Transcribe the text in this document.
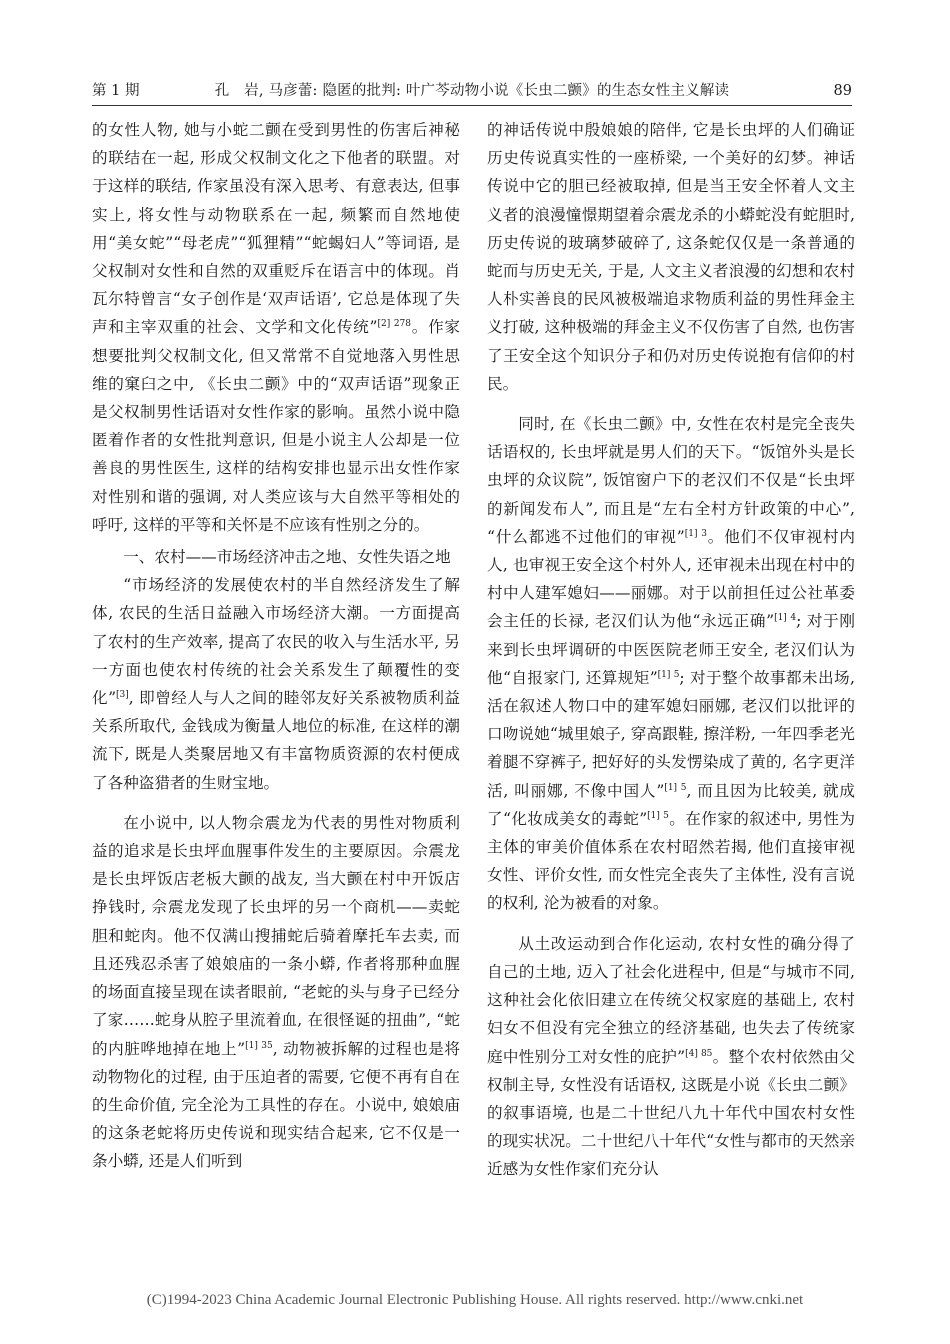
第 1 期	孔　岩, 马彦蕾: 隐匿的批判: 叶广芩动物小说《长虫二颤》的生态女性主义解读	89

的女性人物, 她与小蛇二颤在受到男性的伤害后神秘的联结在一起, 形成父权制文化之下他者的联盟。对于这样的联结, 作家虽没有深入思考、有意表达, 但事实上, 将女性与动物联系在一起, 频繁而自然地使用“美女蛇”“母老虎”“狐狸精”“蛇蝎妇人”等词语, 是父权制对女性和自然的双重贬斥在语言中的体现。肖瓦尔特曾言“女子创作是‘双声话语’, 它总是体现了失声和主宰双重的社会、文学和文化传统”$^{[2] 278}$。作家想要批判父权制文化, 但又常常不自觉地落入男性思维的窠臼之中, 《长虫二颤》中的“双声话语”现象正是父权制男性话语对女性作家的影响。虽然小说中隐匿着作者的女性批判意识, 但是小说主人公却是一位善良的男性医生, 这样的结构安排也显示出女性作家对性别和谐的强调, 对人类应该与大自然平等相处的呼吁, 这样的平等和关怀是不应该有性别之分的。

一、农村——市场经济冲击之地、女性失语之地

“市场经济的发展使农村的半自然经济发生了解体, 农民的生活日益融入市场经济大潮。一方面提高了农村的生产效率, 提高了农民的收入与生活水平, 另一方面也使农村传统的社会关系发生了颠覆性的变化”[3], 即曾经人与人之间的睦邻友好关系被物质利益关系所取代, 金钱成为衡量人地位的标准, 在这样的潮流下, 既是人类聚居地又有丰富物质资源的农村便成了各种盗猎者的生财宝地。

在小说中, 以人物佘震龙为代表的男性对物质利益的追求是长虫坪血腥事件发生的主要原因。佘震龙是长虫坪饭店老板大颤的战友, 当大颤在村中开饭店挣钱时, 佘震龙发现了长虫坪的另一个商机——卖蛇胆和蛇肉。他不仅满山搜捕蛇后骑着摩托车去卖, 而且还残忍杀害了娘娘庙的一条小蟒, 作者将那种血腥的场面直接呈现在读者眼前, “老蛇的头与身子已经分了家……蛇身从腔子里流着血, 在很怪诞的扭曲”, “蛇的内脏哗地掉在地上”$^{[1] 35}$, 动物被拆解的过程也是将动物物化的过程, 由于压迫者的需要, 它便不再有自在的生命价值, 完全沦为工具性的存在。小说中, 娘娘庙的这条老蛇将历史传说和现实结合起来, 它不仅是一条小蟒, 还是人们听到

的神话传说中殷娘娘的陪伴, 它是长虫坪的人们确证历史传说真实性的一座桥梁, 一个美好的幻梦。神话传说中它的胆已经被取掉, 但是当王安全怀着人文主义者的浪漫憧憬期望着佘震龙杀的小蟒蛇没有蛇胆时, 历史传说的玻璃梦破碎了, 这条蛇仅仅是一条普通的蛇而与历史无关, 于是, 人文主义者浪漫的幻想和农村人朴实善良的民风被极端追求物质利益的男性拜金主义打破, 这种极端的拜金主义不仅伤害了自然, 也伤害了王安全这个知识分子和仍对历史传说抱有信仰的村民。

同时, 在《长虫二颤》中, 女性在农村是完全丧失话语权的, 长虫坪就是男人们的天下。“饭馆外头是长虫坪的众议院”, 饭馆窗户下的老汉们不仅是“长虫坪的新闻发布人”, 而且是“左右全村方针政策的中心”, “什么都逃不过他们的审视”$^{[1] 3}$。他们不仅审视村内人, 也审视王安全这个村外人, 还审视未出现在村中的村中人建军媳妇——丽娜。对于以前担任过公社革委会主任的长禄, 老汉们认为他“永远正确”$^{[1] 4}$; 对于刚来到长虫坪调研的中医医院老师王安全, 老汉们认为他“自报家门, 还算规矩”$^{[1] 5}$; 对于整个故事都未出场, 活在叙述人物口中的建军媳妇丽娜, 老汉们以批评的口吻说她“城里娘子, 穿高跟鞋, 擦洋粉, 一年四季老光着腿不穿裤子, 把好好的头发愣染成了黄的, 名字更洋活, 叫丽娜, 不像中国人”$^{[1] 5}$, 而且因为比较美, 就成了“化妆成美女的毒蛇”$^{[1] 5}$。在作家的叙述中, 男性为主体的审美价值体系在农村昭然若揭, 他们直接审视女性、评价女性, 而女性完全丧失了主体性, 没有言说的权利, 沦为被看的对象。

从土改运动到合作化运动, 农村女性的确分得了自己的土地, 迈入了社会化进程中, 但是“与城市不同, 这种社会化依旧建立在传统父权家庭的基础上, 农村妇女不但没有完全独立的经济基础, 也失去了传统家庭中性别分工对女性的庇护”$^{[4] 85}$。整个农村依然由父权制主导, 女性没有话语权, 这既是小说《长虫二颤》的叙事语境, 也是二十世纪八九十年代中国农村女性的现实状况。二十世纪八十年代“女性与都市的天然亲近感为女性作家们充分认

(C)1994-2023 China Academic Journal Electronic Publishing House. All rights reserved. http://www.cnki.net
